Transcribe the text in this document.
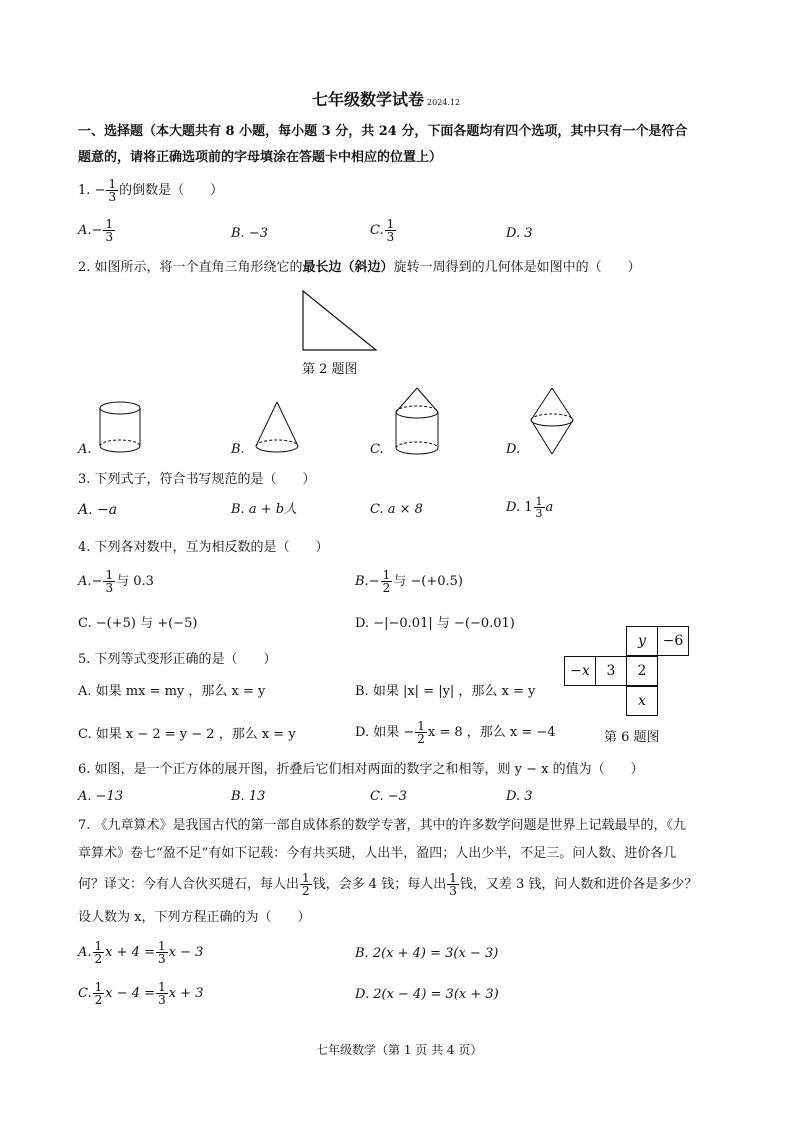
七年级数学试卷 2024.12
一、选择题（本大题共有 8 小题，每小题 3 分，共 24 分，下面各题均有四个选项，其中只有一个是符合
题意的，请将正确选项前的字母填涂在答题卡中相应的位置上）
1. − $\frac{1}{3}$ 的倒数是（　　）
$A.- \frac{1}{3}$	B. −3	C. $\frac{1}{3}$	D. 3
2. 如图所示，将一个直角三角形绕它的最长边（斜边）旋转一周得到的几何体是如图中的（　　）
第 2 题图
A.	B.	C.	D.
3. 下列式子，符合书写规范的是（　　）
A. −a	B. a + b人	C. a × 8	D. $1 \frac{1}{3}$ a
4. 下列各对数中，互为相反数的是（　　）
$A.- \frac{1}{3}$ 与 0.3	$B.- \frac{1}{2}$ 与 −(+0.5)
C. −(+5) 与 +(−5)	D. −|−0.01| 与 −(−0.01)
y	−6
−x	3	2
x
第 6 题图
5. 下列等式变形正确的是（　　）
A. 如果 mx = my ，那么 x = y	B. 如果 |x| = |y| ，那么 x = y
C. 如果 x − 2 = y − 2 ，那么 x = y	D. 如果 − $\frac{1}{2}$ x = 8 ，那么 x = −4
6. 如图，是一个正方体的展开图，折叠后它们相对两面的数字之和相等，则 y − x 的值为（　　）
A. −13	B. 13	C. −3	D. 3
7. 《九章算术》是我国古代的第一部自成体系的数学专著，其中的许多数学问题是世界上记载最早的，《九
章算术》卷七“盈不足”有如下记载：今有共买琎，人出半，盈四；人出少半，不足三。问人数、进价各几
何？译文：今有人合伙买琎石，每人出 $\frac{1}{2}$ 钱，会多 4 钱；每人出 $\frac{1}{3}$ 钱，又差 3 钱，问人数和进价各是多少？
设人数为 x，下列方程正确的为（　　）
A. $\frac{1}{2}$ $x + 4 = \frac{1}{3}$ x − 3	B. 2(x + 4) = 3(x − 3)
C. $\frac{1}{2}$ $x - 4 = \frac{1}{3}$ x + 3	D. 2(x − 4) = 3(x + 3)
七年级数学（第 1 页 共 4 页）
